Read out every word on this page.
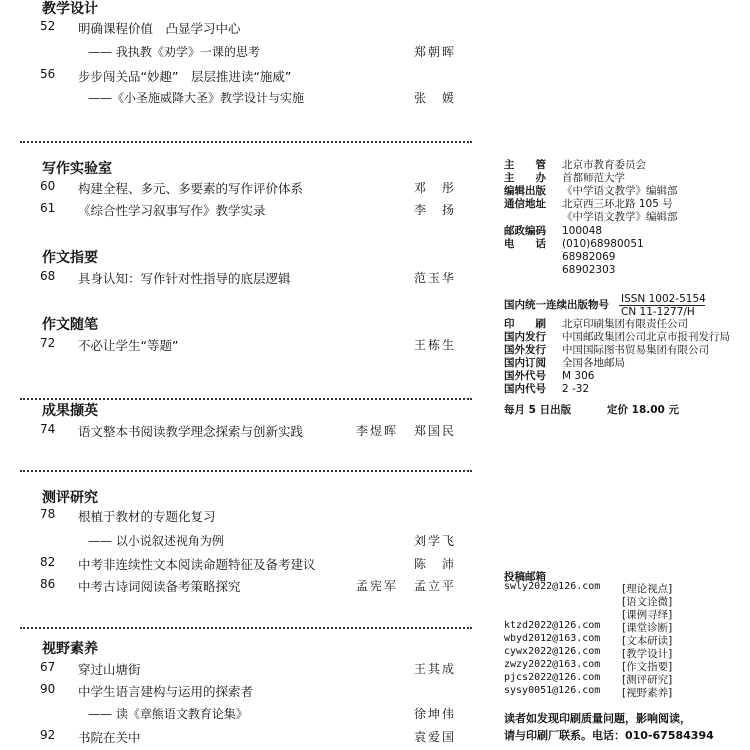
教学设计
52 明确课程价值　凸显学习中心
—— 我执教《劝学》一课的思考	郑朝晖
56 步步闯关品“妙趣”　层层推进读“施威”
——《小圣施威降大圣》教学设计与实施	张　媛
写作实验室
60 构建全程、多元、多要素的写作评价体系	邓　彤
61 《综合性学习叙事写作》教学实录	李　扬
作文指要
68 具身认知：写作针对性指导的底层逻辑	范玉华
作文随笔
72 不必让学生“等题”	王栋生
成果撷英
74 语文整本书阅读教学理念探索与创新实践	李煜晖 郑国民
测评研究
78 根植于教材的专题化复习
—— 以小说叙述视角为例	刘学飞
82 中考非连续性文本阅读命题特征及备考建议	陈　沛
86 中考古诗词阅读备考策略探究	孟宪军 孟立平
视野素养
67 穿过山塘街	王其成
90 中学生语言建构与运用的探索者
—— 读《章熊语文教育论集》	徐坤伟
92 书院在关中	袁爱国
主　　管 北京市教育委员会
主　　办 首都师范大学
编辑出版 《中学语文教学》编辑部
通信地址 北京西三环北路 105 号
《中学语文教学》编辑部
邮政编码 100048
电　　话 (010)68980051
68982069
68902303
国内统一连续出版物号 ISSN 1002-5154
CN 11-1277/H
印　　刷 北京印刷集团有限责任公司
国内发行 中国邮政集团公司北京市报刊发行局
国外发行 中国国际图书贸易集团有限公司
国内订阅 全国各地邮局
国外代号 M 306
国内代号 2 -32
每月 5 日出版	定价 18.00 元
投稿邮箱
swly2022@126.com [理论视点]
[语文诠微]
[课例寻绎]
ktzd2022@126.com [课堂诊断]
wbyd2012@163.com [文本研读]
cywx2022@126.com [教学设计]
zwzy2022@163.com [作文指要]
pjcs2022@126.com [测评研究]
sysy0051@126.com [视野素养]
读者如发现印刷质量问题，影响阅读，
请与印刷厂联系。电话：010-67584394
